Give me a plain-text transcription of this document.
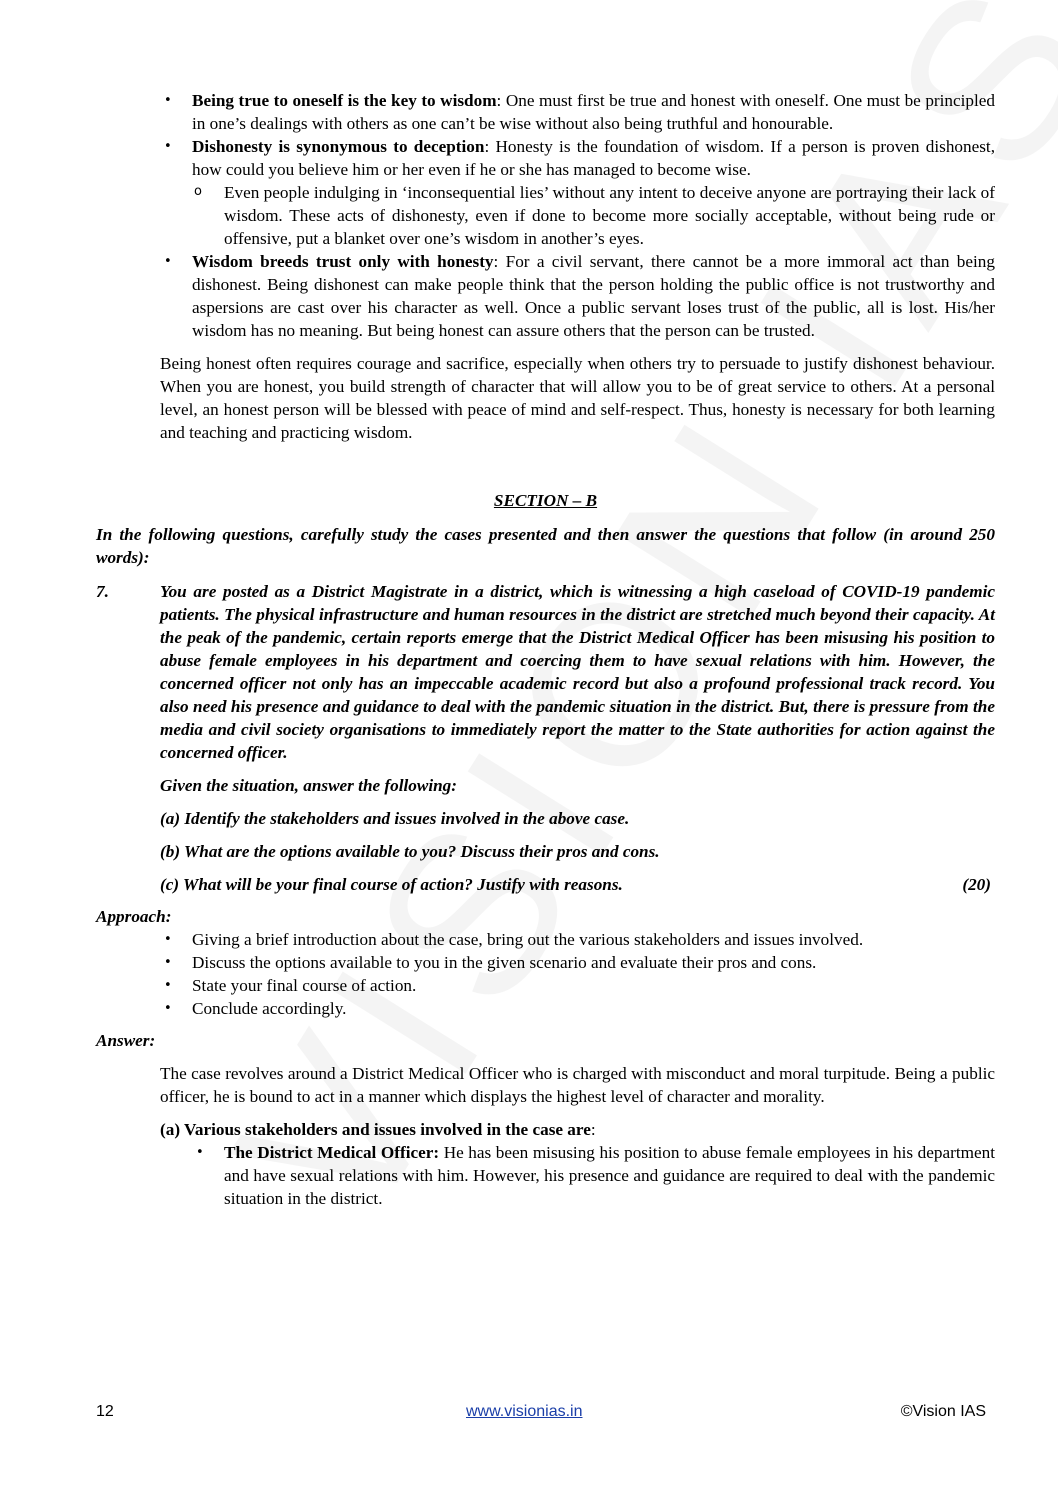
• Being true to oneself is the key to wisdom: One must first be true and honest with oneself. One must be principled in one’s dealings with others as one can’t be wise without also being truthful and honourable.
• Dishonesty is synonymous to deception: Honesty is the foundation of wisdom. If a person is proven dishonest, how could you believe him or her even if he or she has managed to become wise.
o Even people indulging in ‘inconsequential lies’ without any intent to deceive anyone are portraying their lack of wisdom. These acts of dishonesty, even if done to become more socially acceptable, without being rude or offensive, put a blanket over one’s wisdom in another’s eyes.
• Wisdom breeds trust only with honesty: For a civil servant, there cannot be a more immoral act than being dishonest. Being dishonest can make people think that the person holding the public office is not trustworthy and aspersions are cast over his character as well. Once a public servant loses trust of the public, all is lost. His/her wisdom has no meaning. But being honest can assure others that the person can be trusted.
Being honest often requires courage and sacrifice, especially when others try to persuade to justify dishonest behaviour. When you are honest, you build strength of character that will allow you to be of great service to others. At a personal level, an honest person will be blessed with peace of mind and self-respect. Thus, honesty is necessary for both learning and teaching and practicing wisdom.
SECTION – B
In the following questions, carefully study the cases presented and then answer the questions that follow (in around 250 words):
7.	You are posted as a District Magistrate in a district, which is witnessing a high caseload of COVID-19 pandemic patients. The physical infrastructure and human resources in the district are stretched much beyond their capacity. At the peak of the pandemic, certain reports emerge that the District Medical Officer has been misusing his position to abuse female employees in his department and coercing them to have sexual relations with him. However, the concerned officer not only has an impeccable academic record but also a profound professional track record. You also need his presence and guidance to deal with the pandemic situation in the district. But, there is pressure from the media and civil society organisations to immediately report the matter to the State authorities for action against the concerned officer.
Given the situation, answer the following:
(a) Identify the stakeholders and issues involved in the above case.
(b) What are the options available to you? Discuss their pros and cons.
(c) What will be your final course of action? Justify with reasons.	(20)
Approach:
• Giving a brief introduction about the case, bring out the various stakeholders and issues involved.
• Discuss the options available to you in the given scenario and evaluate their pros and cons.
• State your final course of action.
• Conclude accordingly.
Answer:
The case revolves around a District Medical Officer who is charged with misconduct and moral turpitude. Being a public officer, he is bound to act in a manner which displays the highest level of character and morality.
(a) Various stakeholders and issues involved in the case are:
• The District Medical Officer: He has been misusing his position to abuse female employees in his department and have sexual relations with him. However, his presence and guidance are required to deal with the pandemic situation in the district.
12	www.visionias.in	©Vision IAS
